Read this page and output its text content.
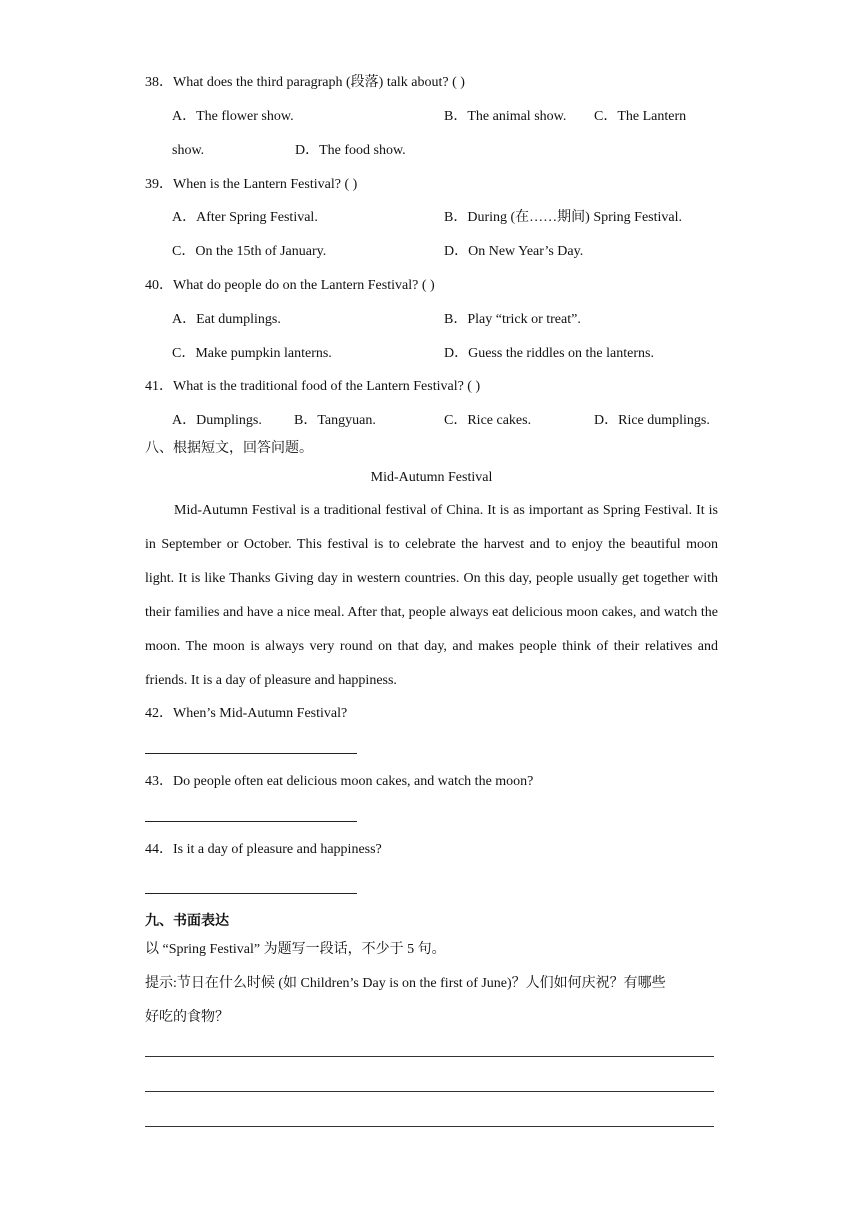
38．What does the third paragraph (段落) talk about? ( )
A．The flower show.	B．The animal show. C．The Lantern
show.	D．The food show.
39．When is the Lantern Festival? ( )
A．After Spring Festival.	B．During (在……期间) Spring Festival.
C．On the 15th of January.	D．On New Year’s Day.
40．What do people do on the Lantern Festival? ( )
A．Eat dumplings.	B．Play “trick or treat”.
C．Make pumpkin lanterns.	D．Guess the riddles on the lanterns.
41．What is the traditional food of the Lantern Festival? ( )
A．Dumplings. B．Tangyuan.	C．Rice cakes.	D．Rice dumplings.
八、根据短文，回答问题。
Mid-Autumn Festival
Mid-Autumn Festival is a traditional festival of China. It is as important as Spring Festival. It is in September or October. This festival is to celebrate the harvest and to enjoy the beautiful moon light. It is like Thanks Giving day in western countries. On this day, people usually get together with their families and have a nice meal. After that, people always eat delicious moon cakes, and watch the moon. The moon is always very round on that day, and makes people think of their relatives and friends. It is a day of pleasure and happiness.
42．When’s Mid-Autumn Festival?
43．Do people often eat delicious moon cakes, and watch the moon?
44．Is it a day of pleasure and happiness?
九、书面表达
以 “Spring Festival” 为题写一段话，不少于 5 句。
提示:节日在什么时候 (如 Children’s Day is on the first of June)？人们如何庆祝？有哪些
好吃的食物？
